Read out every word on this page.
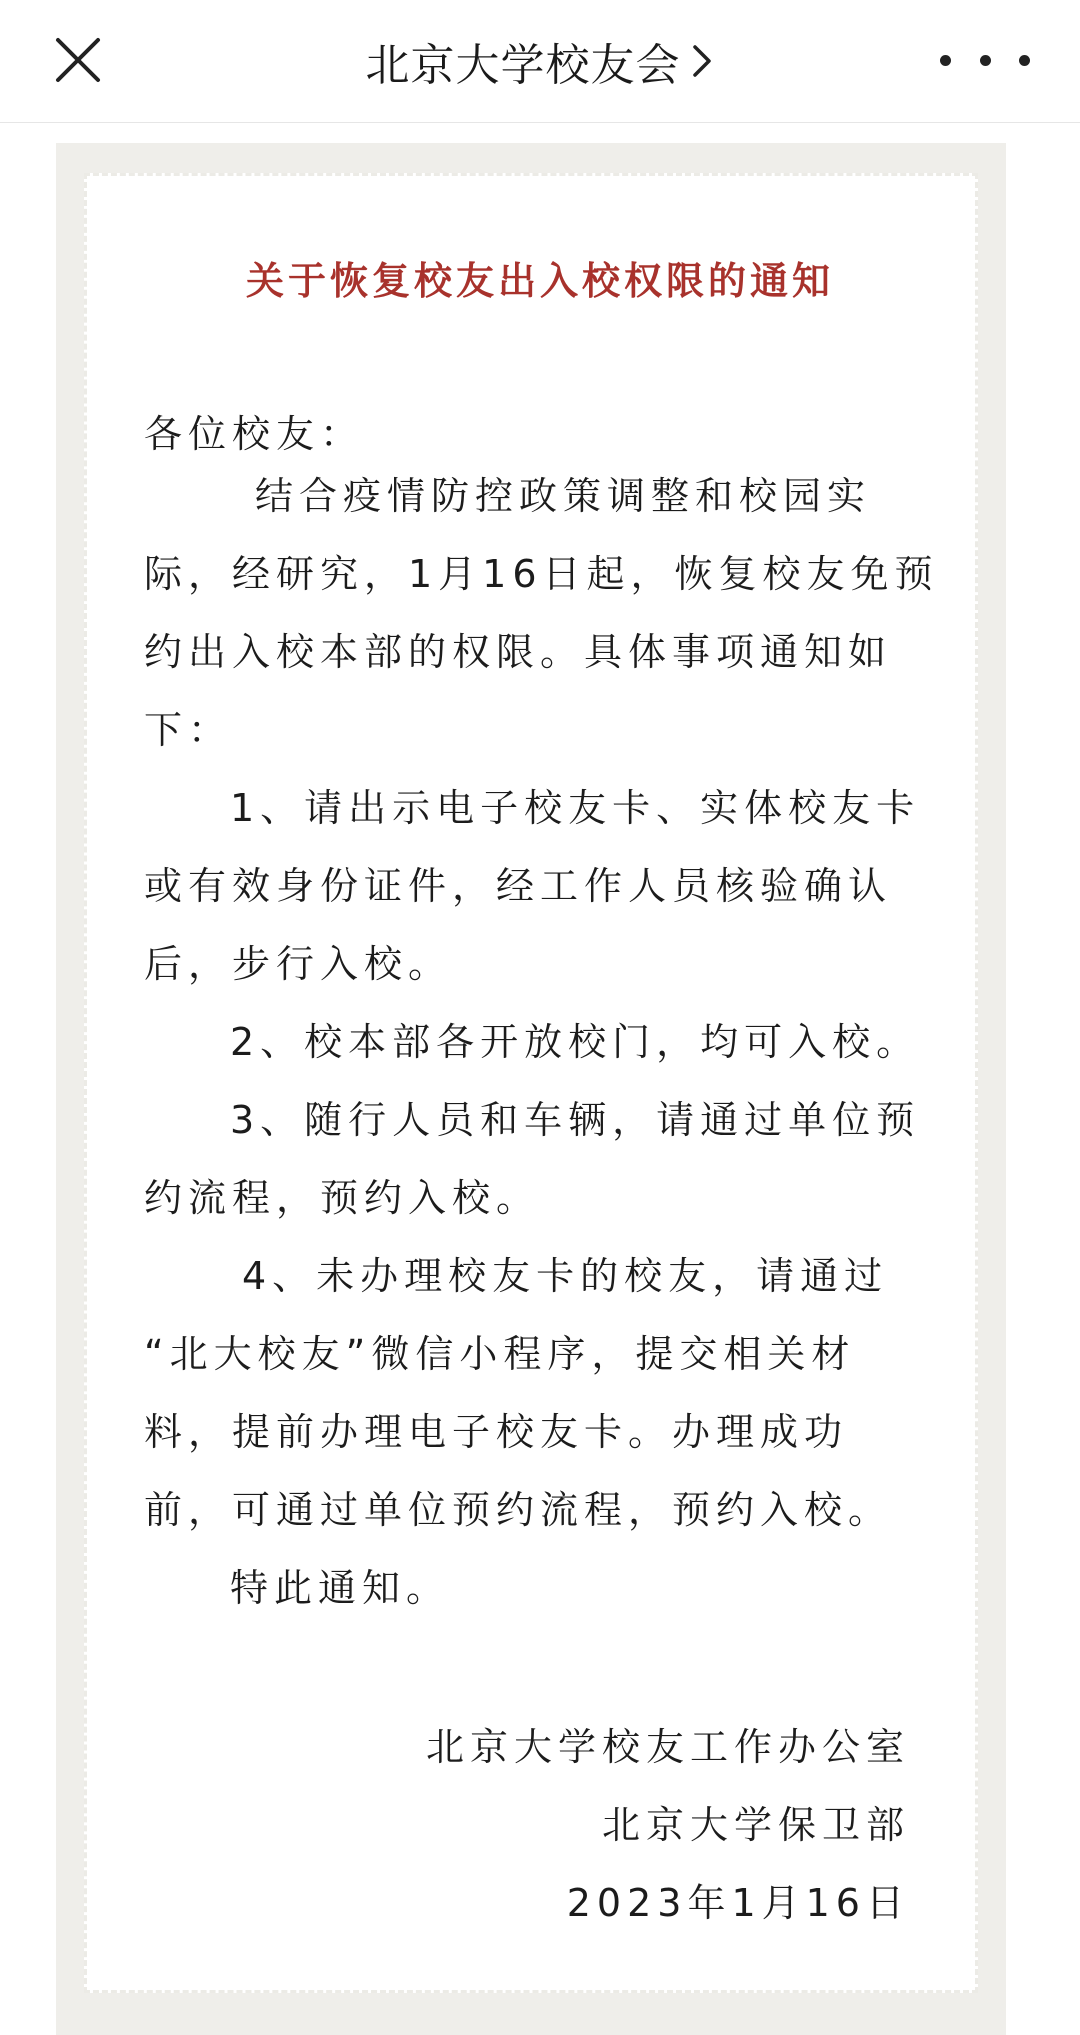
北京大学校友会
关于恢复校友出入校权限的通知
各位校友：
结合疫情防控政策调整和校园实
际，经研究，1月16日起，恢复校友免预
约出入校本部的权限。具体事项通知如
下：
1、请出示电子校友卡、实体校友卡
或有效身份证件，经工作人员核验确认
后，步行入校。
2、校本部各开放校门，均可入校。
3、随行人员和车辆，请通过单位预
约流程，预约入校。
4、未办理校友卡的校友，请通过
“北大校友”微信小程序，提交相关材
料，提前办理电子校友卡。办理成功
前，可通过单位预约流程，预约入校。
特此通知。
北京大学校友工作办公室
北京大学保卫部
2023年1月16日
